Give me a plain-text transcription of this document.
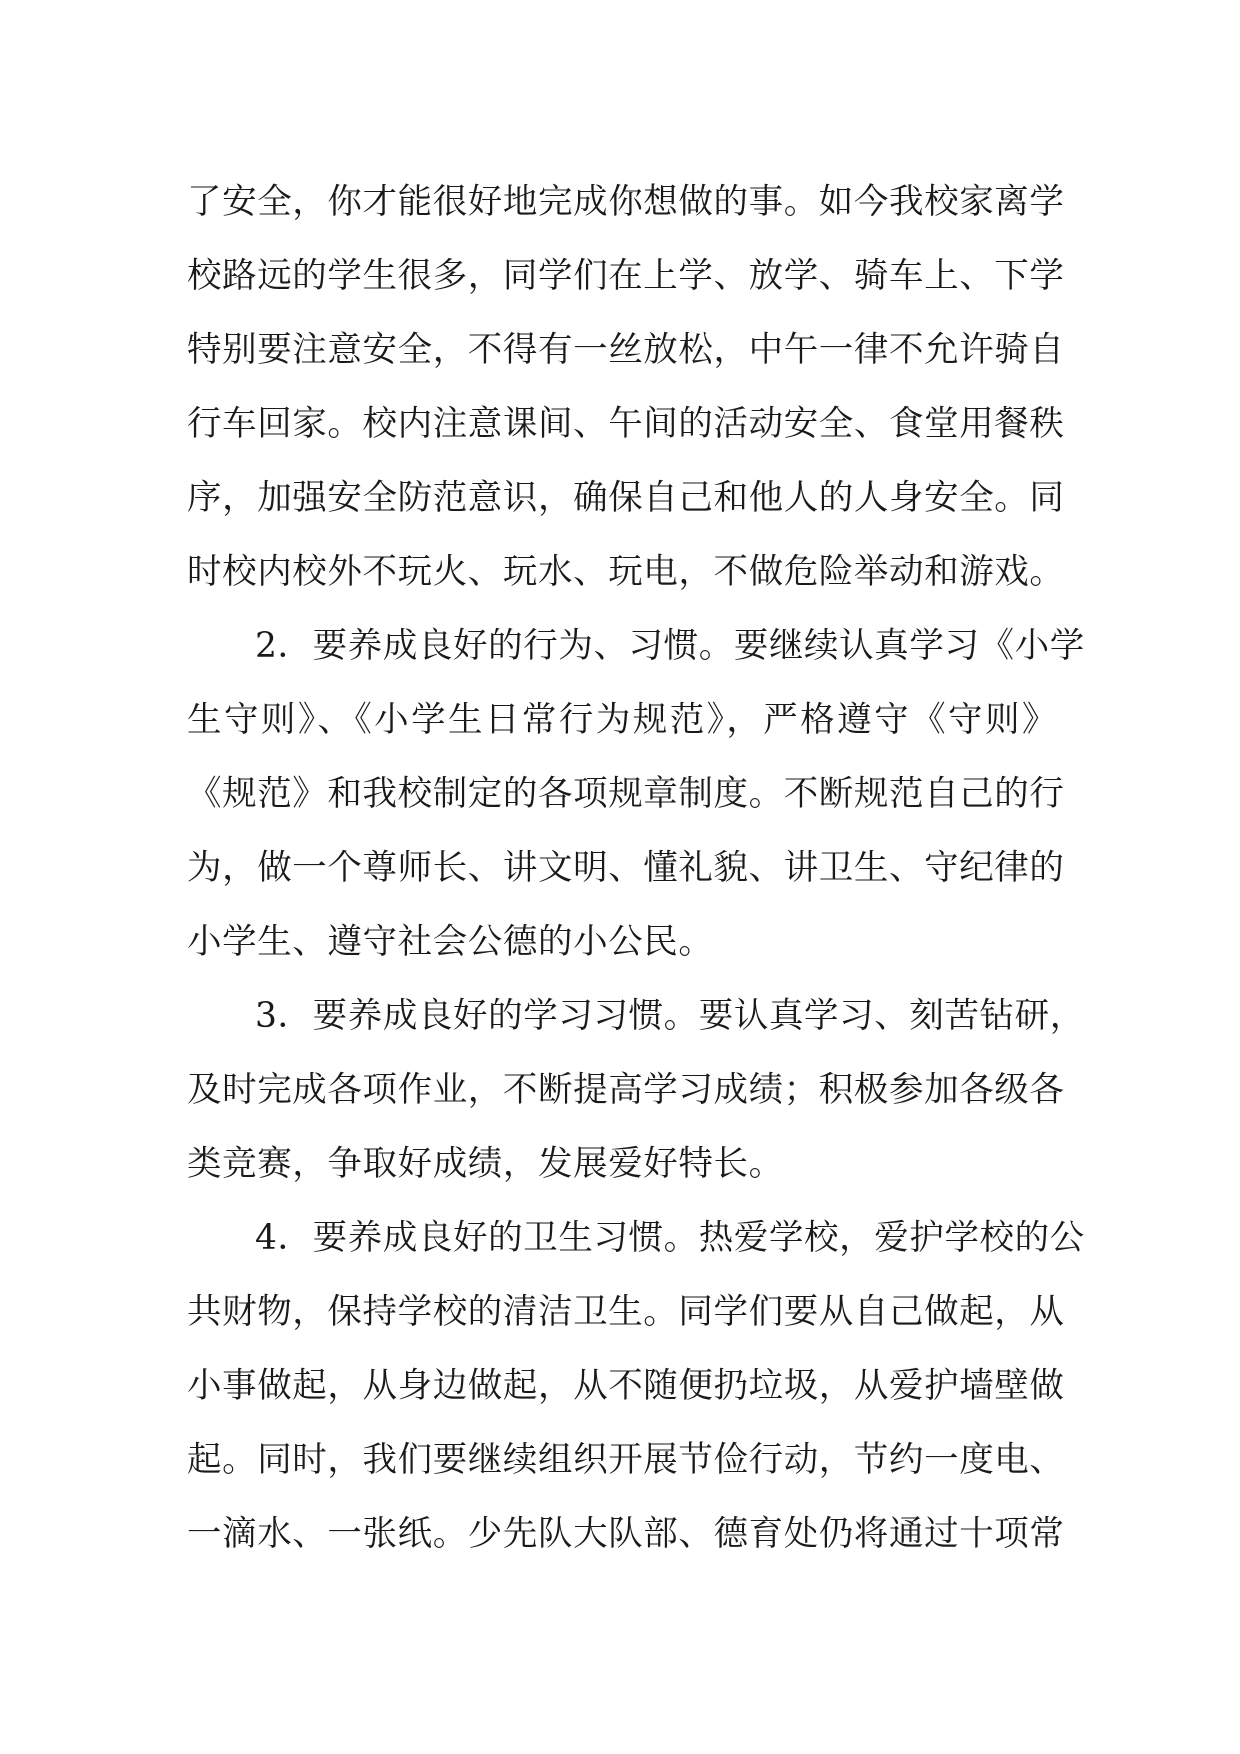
了安全，你才能很好地完成你想做的事。如今我校家离学
校路远的学生很多，同学们在上学、放学、骑车上、下学
特别要注意安全，不得有一丝放松，中午一律不允许骑自
行车回家。校内注意课间、午间的活动安全、食堂用餐秩
序，加强安全防范意识，确保自己和他人的人身安全。同
时校内校外不玩火、玩水、玩电，不做危险举动和游戏。
2．要养成良好的行为、习惯。要继续认真学习《小学
生守则》、《小学生日常行为规范》，严格遵守《守则》
《规范》和我校制定的各项规章制度。不断规范自己的行
为，做一个尊师长、讲文明、懂礼貌、讲卫生、守纪律的
小学生、遵守社会公德的小公民。
3．要养成良好的学习习惯。要认真学习、刻苦钻研，
及时完成各项作业，不断提高学习成绩；积极参加各级各
类竞赛，争取好成绩，发展爱好特长。
4．要养成良好的卫生习惯。热爱学校，爱护学校的公
共财物，保持学校的清洁卫生。同学们要从自己做起，从
小事做起，从身边做起，从不随便扔垃圾，从爱护墙壁做
起。同时，我们要继续组织开展节俭行动，节约一度电、
一滴水、一张纸。少先队大队部、德育处仍将通过十项常
